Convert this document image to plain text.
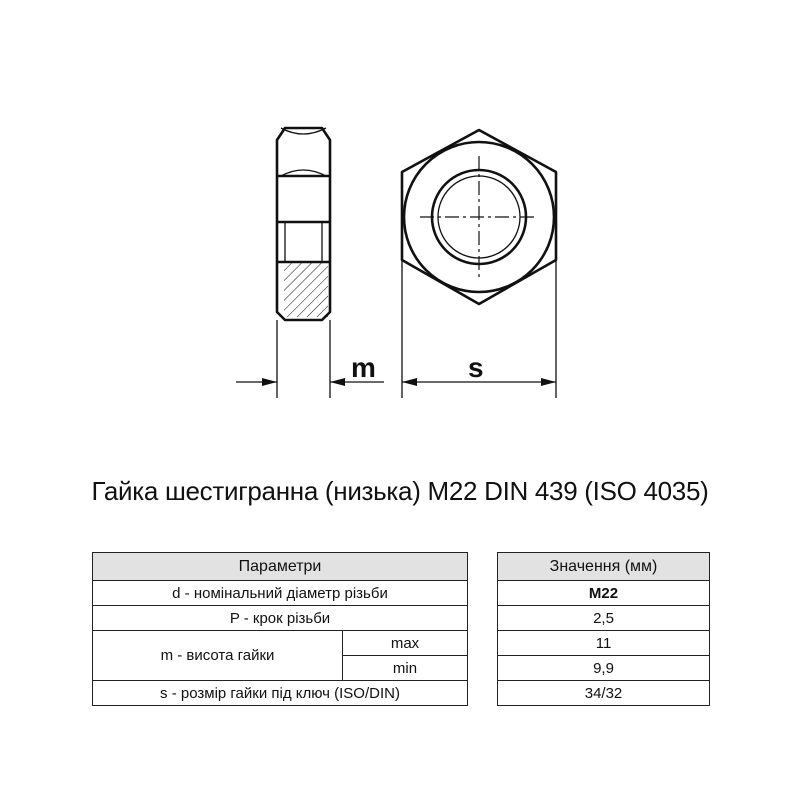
m	s
Гайка шестигранна (низька) M22 DIN 439 (ISO 4035)
Параметри			Значення (мм)
d - номінальний діаметр різьби			M22
P - крок різьби			2,5
m - висота гайки	max		11
	min		9,9
s - розмір гайки під ключ (ISO/DIN)			34/32
